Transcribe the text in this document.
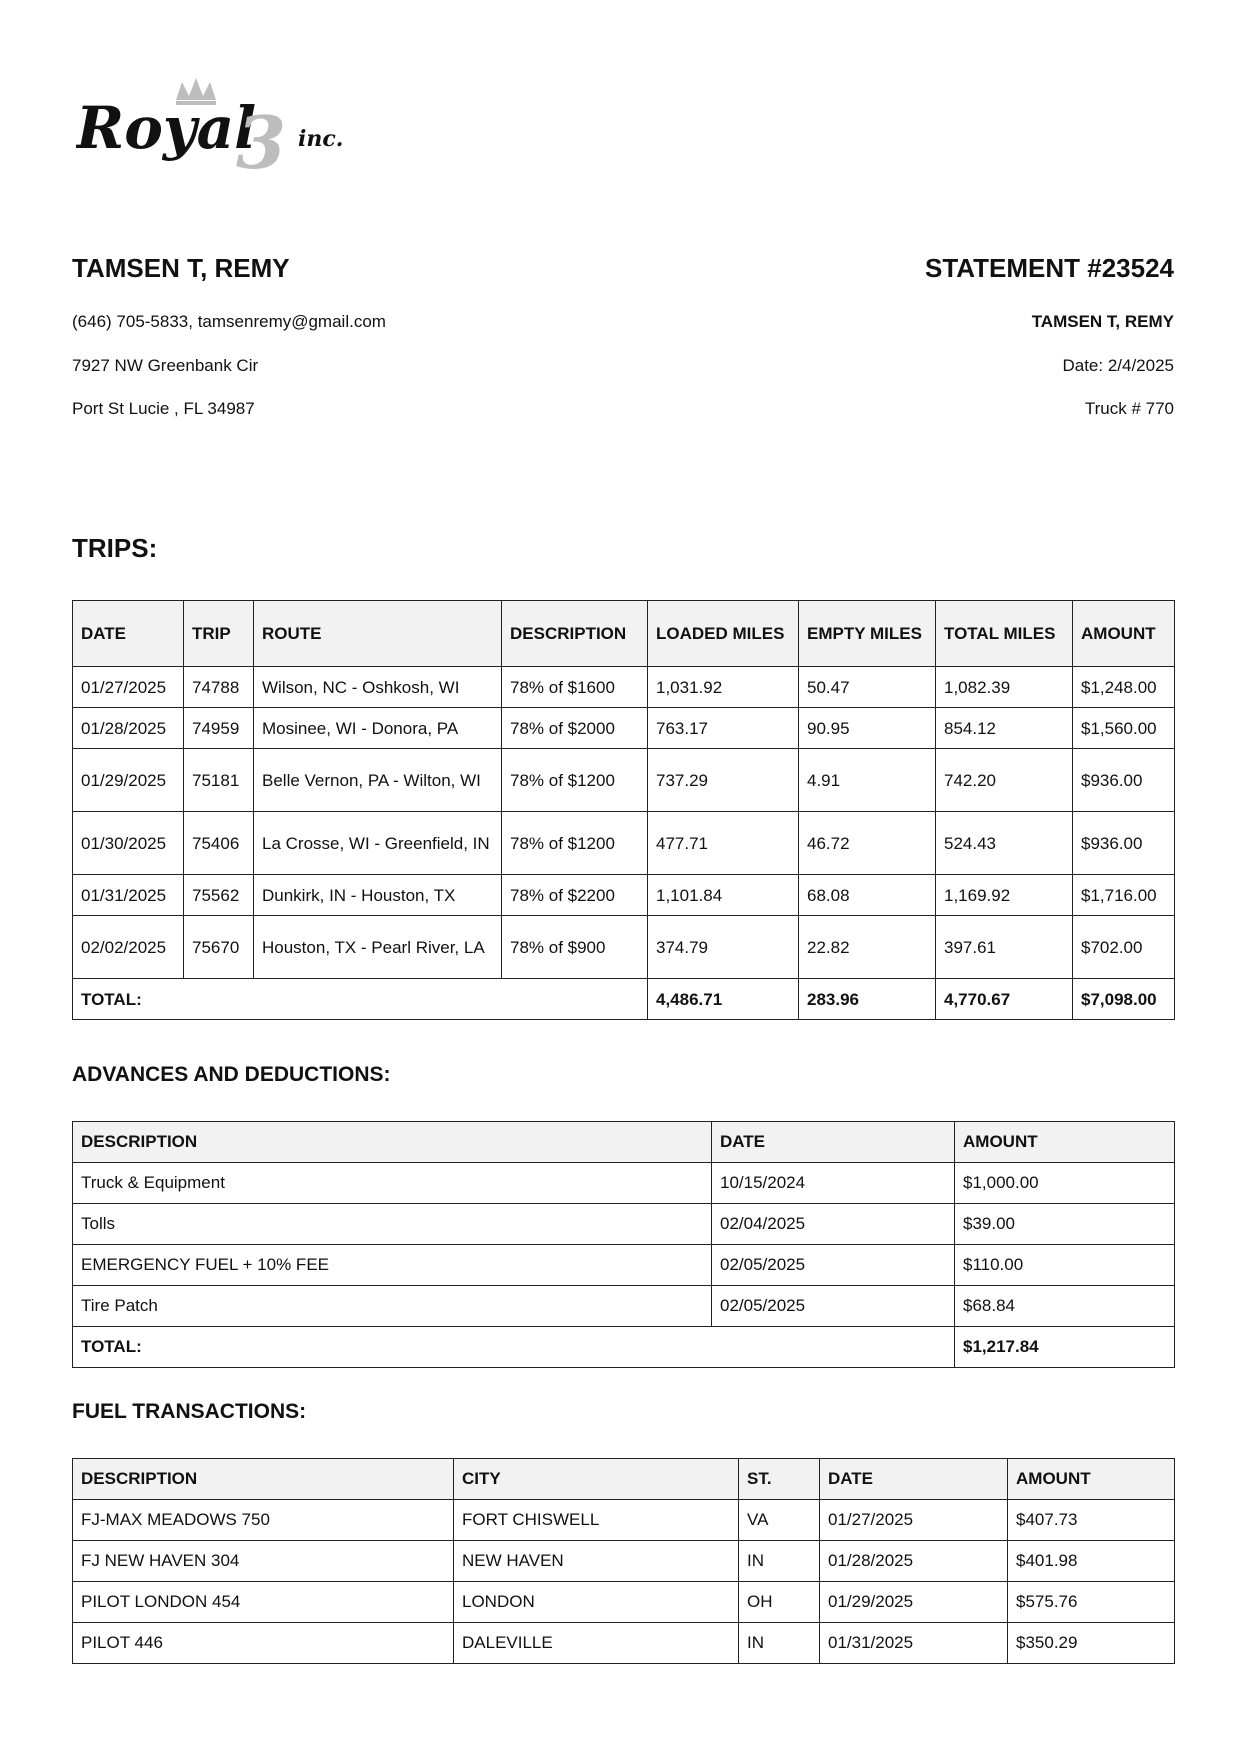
Royal
3 inc.
TAMSEN T, REMY
(646) 705-5833, tamsenremy@gmail.com
7927 NW Greenbank Cir
Port St Lucie , FL 34987
STATEMENT #23524
TAMSEN T, REMY
Date: 2/4/2025
Truck # 770
TRIPS:
DATE	TRIP	ROUTE	DESCRIPTION	LOADED MILES	EMPTY MILES	TOTAL MILES	AMOUNT
01/27/2025	74788	Wilson, NC - Oshkosh, WI	78% of $1600	1,031.92	50.47	1,082.39	$1,248.00
01/28/2025	74959	Mosinee, WI - Donora, PA	78% of $2000	763.17	90.95	854.12	$1,560.00
01/29/2025	75181	Belle Vernon, PA - Wilton, WI	78% of $1200	737.29	4.91	742.20	$936.00
01/30/2025	75406	La Crosse, WI - Greenfield, IN	78% of $1200	477.71	46.72	524.43	$936.00
01/31/2025	75562	Dunkirk, IN - Houston, TX	78% of $2200	1,101.84	68.08	1,169.92	$1,716.00
02/02/2025	75670	Houston, TX - Pearl River, LA	78% of $900	374.79	22.82	397.61	$702.00
TOTAL:				4,486.71	283.96	4,770.67	$7,098.00
ADVANCES AND DEDUCTIONS:
DESCRIPTION	DATE	AMOUNT
Truck & Equipment	10/15/2024	$1,000.00
Tolls	02/04/2025	$39.00
EMERGENCY FUEL + 10% FEE	02/05/2025	$110.00
Tire Patch	02/05/2025	$68.84
TOTAL:		$1,217.84
FUEL TRANSACTIONS:
DESCRIPTION	CITY	ST.	DATE	AMOUNT
FJ-MAX MEADOWS 750	FORT CHISWELL	VA	01/27/2025	$407.73
FJ NEW HAVEN 304	NEW HAVEN	IN	01/28/2025	$401.98
PILOT LONDON 454	LONDON	OH	01/29/2025	$575.76
PILOT 446	DALEVILLE	IN	01/31/2025	$350.29
